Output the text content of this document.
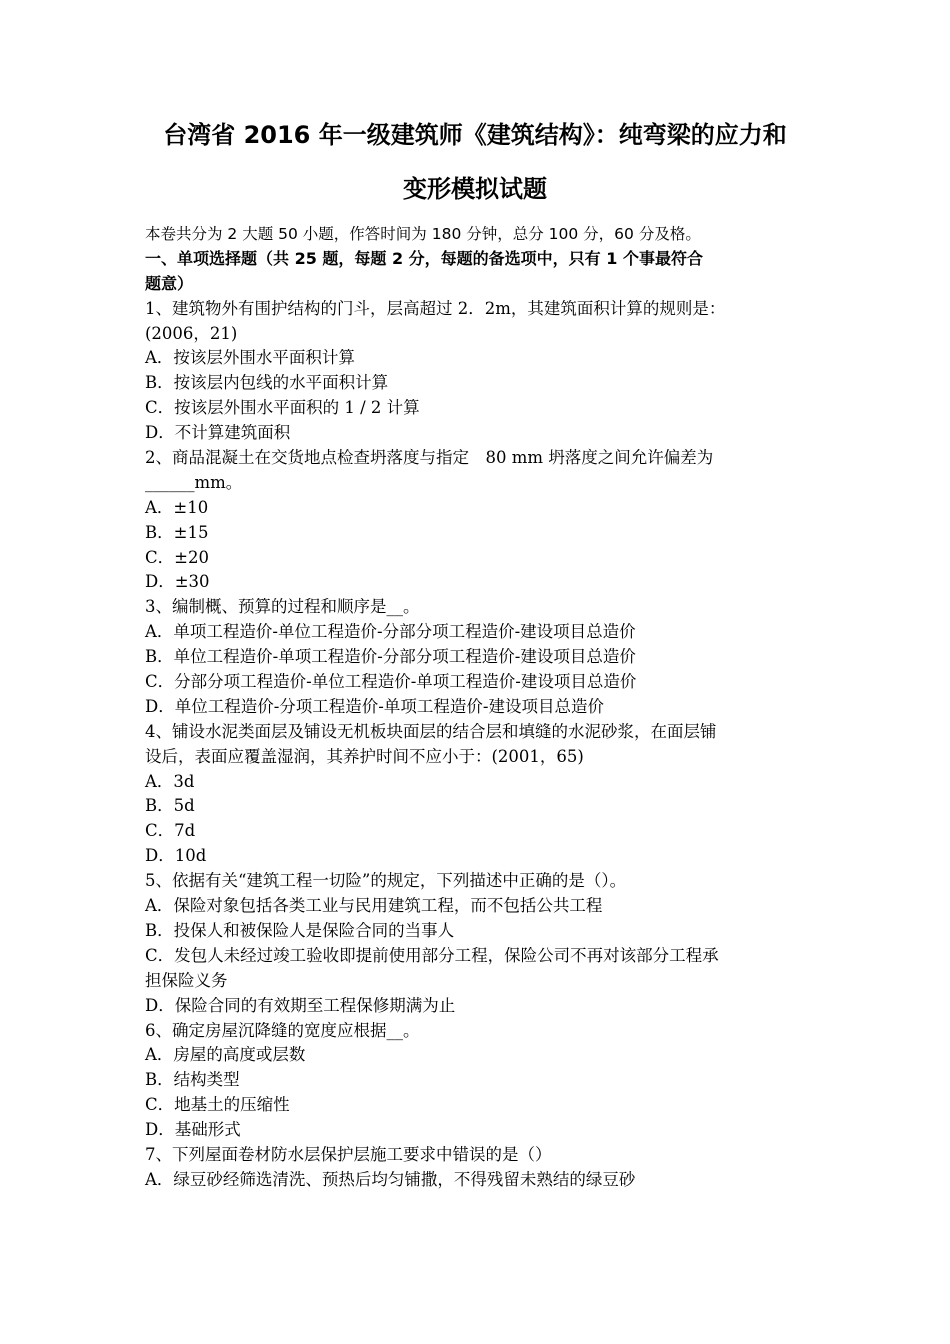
台湾省 2016 年一级建筑师《建筑结构》：纯弯梁的应力和
变形模拟试题
本卷共分为 2 大题 50 小题，作答时间为 180 分钟，总分 100 分，60 分及格。
一、单项选择题（共 25 题，每题 2 分，每题的备选项中，只有 1 个事最符合
题意）
1、建筑物外有围护结构的门斗，层高超过 2．2m，其建筑面积计算的规则是：
(2006，21)
A．按该层外围水平面积计算
B．按该层内包线的水平面积计算
C．按该层外围水平面积的 1 / 2 计算
D．不计算建筑面积
2、商品混凝土在交货地点检查坍落度与指定　80 mm 坍落度之间允许偏差为
______mm。
A．±10
B．±15
C．±20
D．±30
3、编制概、预算的过程和顺序是__。
A．单项工程造价-单位工程造价-分部分项工程造价-建设项目总造价
B．单位工程造价-单项工程造价-分部分项工程造价-建设项目总造价
C．分部分项工程造价-单位工程造价-单项工程造价-建设项目总造价
D．单位工程造价-分项工程造价-单项工程造价-建设项目总造价
4、铺设水泥类面层及铺设无机板块面层的结合层和填缝的水泥砂浆，在面层铺
设后，表面应覆盖湿润，其养护时间不应小于：(2001，65)
A．3d
B．5d
C．7d
D．10d
5、依据有关“建筑工程一切险”的规定，下列描述中正确的是（）。
A．保险对象包括各类工业与民用建筑工程，而不包括公共工程
B．投保人和被保险人是保险合同的当事人
C．发包人未经过竣工验收即提前使用部分工程，保险公司不再对该部分工程承
担保险义务
D．保险合同的有效期至工程保修期满为止
6、确定房屋沉降缝的宽度应根据__。
A．房屋的高度或层数
B．结构类型
C．地基土的压缩性
D．基础形式
7、下列屋面卷材防水层保护层施工要求中错误的是（）
A．绿豆砂经筛选清洗、预热后均匀铺撒，不得残留未熟结的绿豆砂
